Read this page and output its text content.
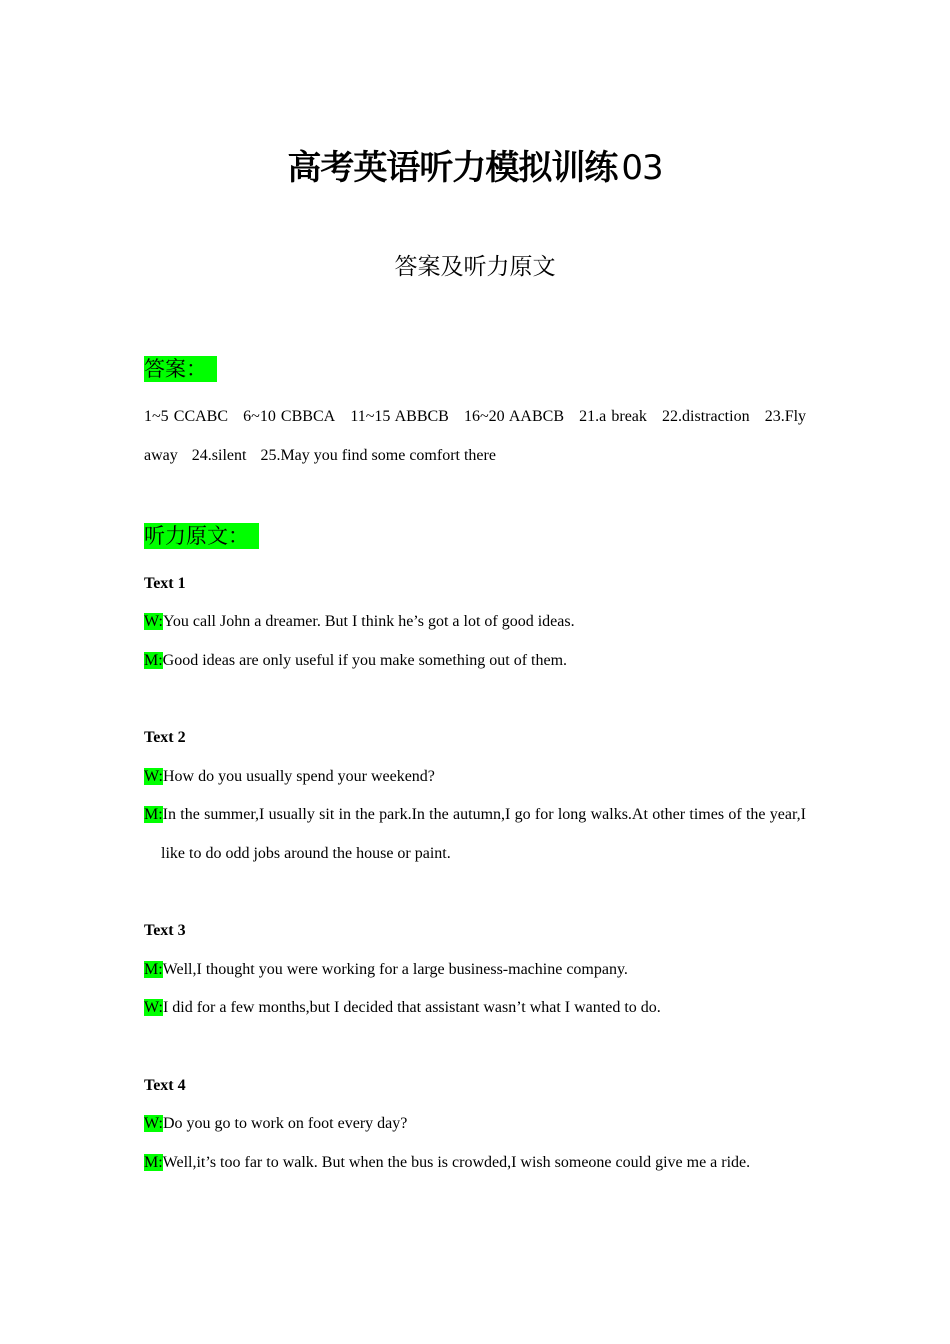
高考英语听力模拟训练 03
答案及听力原文
答案：
1~5 CCABC 6~10 CBBCA 11~15 ABBCB 16~20 AABCB 21.a break 22.distraction 23.Fly away 24.silent 25.May you find some comfort there
听力原文：
Text 1
W:You call John a dreamer. But I think he’s got a lot of good ideas.
M:Good ideas are only useful if you make something out of them.
Text 2
W:How do you usually spend your weekend?
M:In the summer,I usually sit in the park.In the autumn,I go for long walks.At other times of the year,I like to do odd jobs around the house or paint.
Text 3
M:Well,I thought you were working for a large business-machine company.
W:I did for a few months,but I decided that assistant wasn’t what I wanted to do.
Text 4
W:Do you go to work on foot every day?
M:Well,it’s too far to walk. But when the bus is crowded,I wish someone could give me a ride.
